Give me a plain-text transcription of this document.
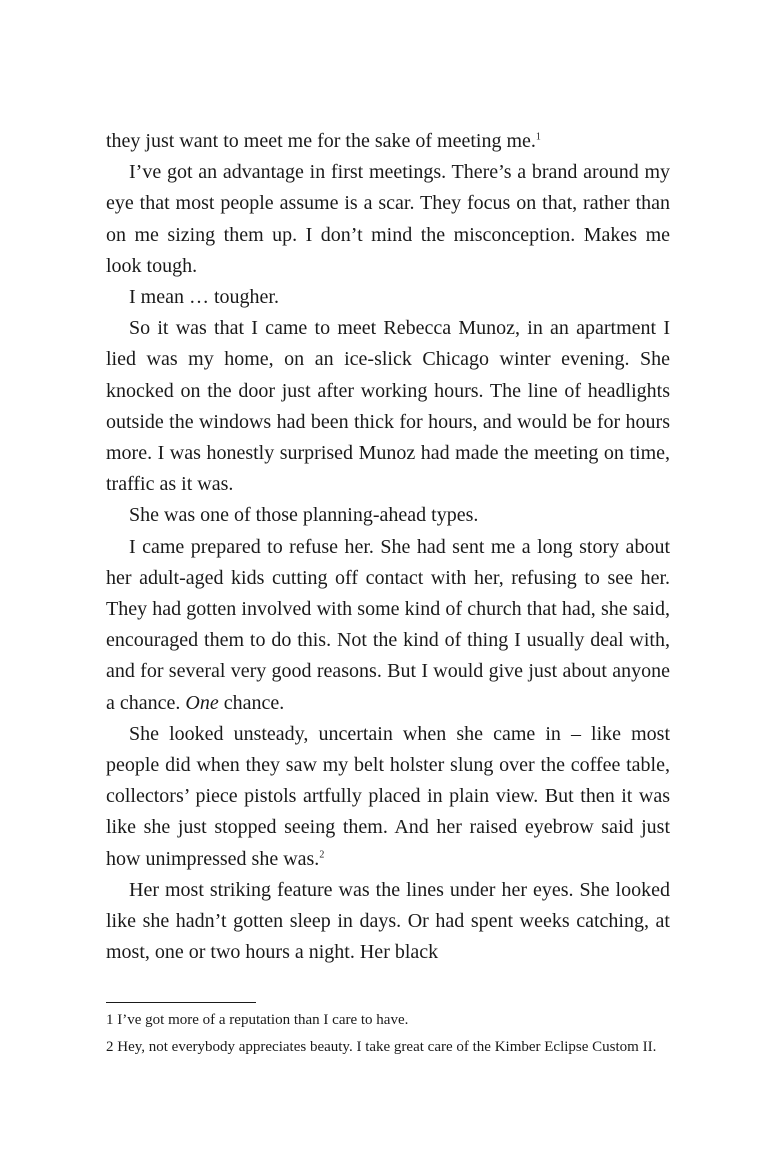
they just want to meet me for the sake of meeting me.$^1$

I’ve got an advantage in first meetings. There’s a brand around my eye that most people assume is a scar. They focus on that, rather than on me sizing them up. I don’t mind the misconception. Makes me look tough.

I mean … tougher.

So it was that I came to meet Rebecca Munoz, in an apartment I lied was my home, on an ice-slick Chicago winter evening. She knocked on the door just after working hours. The line of headlights outside the windows had been thick for hours, and would be for hours more. I was honestly surprised Munoz had made the meeting on time, traffic as it was.

She was one of those planning-ahead types.

I came prepared to refuse her. She had sent me a long story about her adult-aged kids cutting off contact with her, refusing to see her. They had gotten involved with some kind of church that had, she said, encouraged them to do this. Not the kind of thing I usually deal with, and for several very good reasons. But I would give just about anyone a chance. One chance.

She looked unsteady, uncertain when she came in – like most people did when they saw my belt holster slung over the coffee table, collectors’ piece pistols artfully placed in plain view. But then it was like she just stopped seeing them. And her raised eyebrow said just how unimpressed she was.$^2$

Her most striking feature was the lines under her eyes. She looked like she hadn’t gotten sleep in days. Or had spent weeks catching, at most, one or two hours a night. Her black

1 I’ve got more of a reputation than I care to have.

2 Hey, not everybody appreciates beauty. I take great care of the Kimber Eclipse Custom II.
